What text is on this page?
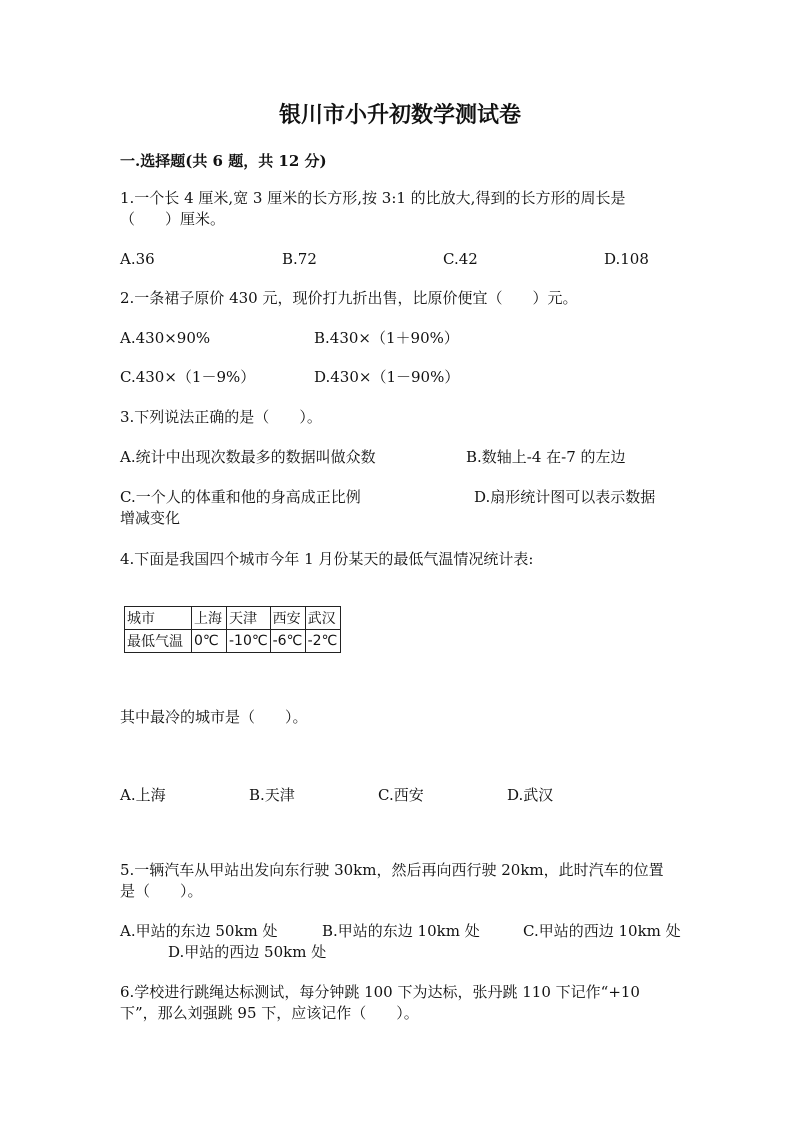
银川市小升初数学测试卷
一.选择题(共 6 题，共 12 分)
1.一个长 4 厘米,宽 3 厘米的长方形,按 3:1 的比放大,得到的长方形的周长是
（　　）厘米。
A.36	B.72	C.42	D.108
2.一条裙子原价 430 元，现价打九折出售，比原价便宜（　　）元。
A.430×90%	B.430×（1＋90%）
C.430×（1－9%）	D.430×（1－90%）
3.下列说法正确的是（　　）。
A.统计中出现次数最多的数据叫做众数	B.数轴上-4 在-7 的左边
C.一个人的体重和他的身高成正比例	D.扇形统计图可以表示数据
增减变化
4.下面是我国四个城市今年 1 月份某天的最低气温情况统计表:
城市	上海	天津	西安	武汉
最低气温	0℃	-10℃	-6℃	-2℃
其中最冷的城市是（　　）。
A.上海	B.天津	C.西安	D.武汉
5.一辆汽车从甲站出发向东行驶 30km，然后再向西行驶 20km，此时汽车的位置
是（　　）。
A.甲站的东边 50km 处	B.甲站的东边 10km 处	C.甲站的西边 10km 处
D.甲站的西边 50km 处
6.学校进行跳绳达标测试，每分钟跳 100 下为达标，张丹跳 110 下记作“+10
下”，那么刘强跳 95 下，应该记作（　　）。
